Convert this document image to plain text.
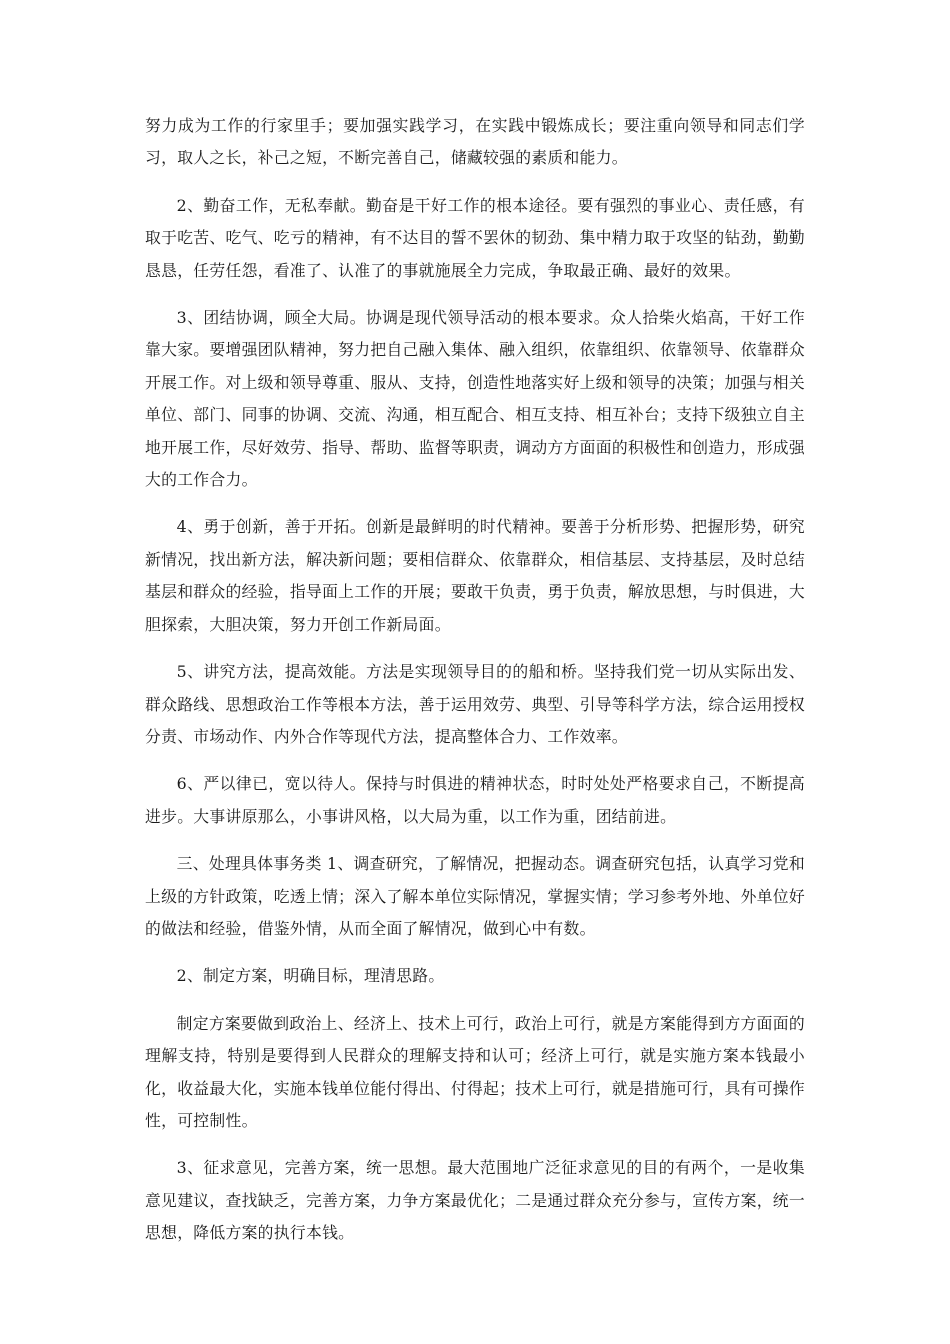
努力成为工作的行家里手；要加强实践学习，在实践中锻炼成长；要注重向领导和同志们学习，取人之长，补己之短，不断完善自己，储藏较强的素质和能力。

2、勤奋工作，无私奉献。勤奋是干好工作的根本途径。要有强烈的事业心、责任感，有取于吃苦、吃气、吃亏的精神，有不达目的誓不罢休的韧劲、集中精力取于攻坚的钻劲，勤勤恳恳，任劳任怨，看准了、认准了的事就施展全力完成，争取最正确、最好的效果。

3、团结协调，顾全大局。协调是现代领导活动的根本要求。众人拾柴火焰高，干好工作靠大家。要增强团队精神，努力把自己融入集体、融入组织，依靠组织、依靠领导、依靠群众开展工作。对上级和领导尊重、服从、支持，创造性地落实好上级和领导的决策；加强与相关单位、部门、同事的协调、交流、沟通，相互配合、相互支持、相互补台；支持下级独立自主地开展工作，尽好效劳、指导、帮助、监督等职责，调动方方面面的积极性和创造力，形成强大的工作合力。

4、勇于创新，善于开拓。创新是最鲜明的时代精神。要善于分析形势、把握形势，研究新情况，找出新方法，解决新问题；要相信群众、依靠群众，相信基层、支持基层，及时总结基层和群众的经验，指导面上工作的开展；要敢干负责，勇于负责，解放思想，与时俱进，大胆探索，大胆决策，努力开创工作新局面。

5、讲究方法，提高效能。方法是实现领导目的的船和桥。坚持我们党一切从实际出发、群众路线、思想政治工作等根本方法，善于运用效劳、典型、引导等科学方法，综合运用授权分责、市场动作、内外合作等现代方法，提高整体合力、工作效率。

6、严以律已，宽以待人。保持与时俱进的精神状态，时时处处严格要求自己，不断提高进步。大事讲原那么，小事讲风格，以大局为重，以工作为重，团结前进。

三、处理具体事务类 1、调查研究，了解情况，把握动态。调查研究包括，认真学习党和上级的方针政策，吃透上情；深入了解本单位实际情况，掌握实情；学习参考外地、外单位好的做法和经验，借鉴外情，从而全面了解情况，做到心中有数。

2、制定方案，明确目标，理清思路。

制定方案要做到政治上、经济上、技术上可行，政治上可行，就是方案能得到方方面面的理解支持，特别是要得到人民群众的理解支持和认可；经济上可行，就是实施方案本钱最小化，收益最大化，实施本钱单位能付得出、付得起；技术上可行，就是措施可行，具有可操作性，可控制性。

3、征求意见，完善方案，统一思想。最大范围地广泛征求意见的目的有两个，一是收集意见建议，查找缺乏，完善方案，力争方案最优化；二是通过群众充分参与，宣传方案，统一思想，降低方案的执行本钱。
